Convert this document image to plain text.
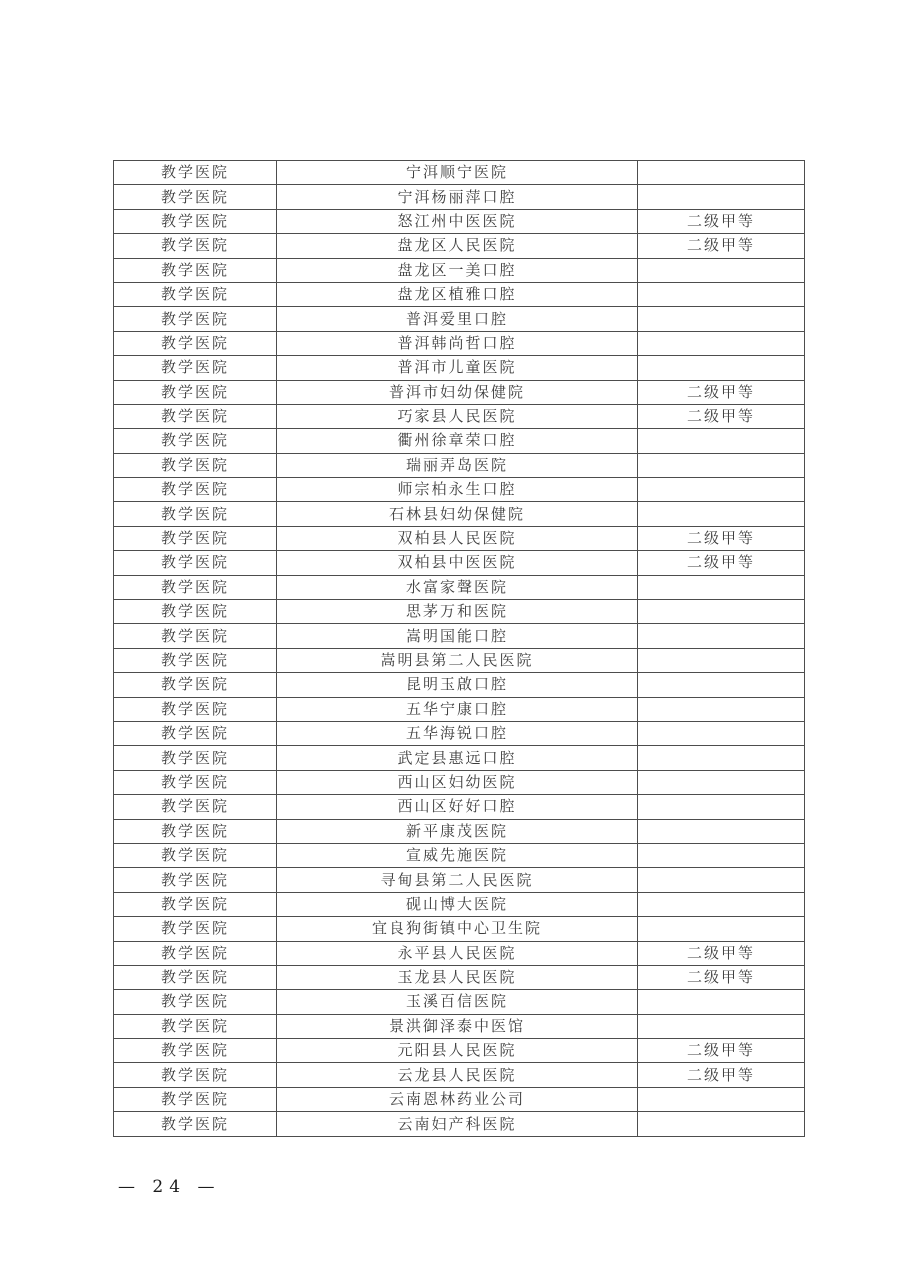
教学医院	宁洱顺宁医院	
教学医院	宁洱杨丽萍口腔	
教学医院	怒江州中医医院	二级甲等
教学医院	盘龙区人民医院	二级甲等
教学医院	盘龙区一美口腔	
教学医院	盘龙区植雅口腔	
教学医院	普洱爱里口腔	
教学医院	普洱韩尚哲口腔	
教学医院	普洱市儿童医院	
教学医院	普洱市妇幼保健院	二级甲等
教学医院	巧家县人民医院	二级甲等
教学医院	衢州徐章荣口腔	
教学医院	瑞丽弄岛医院	
教学医院	师宗柏永生口腔	
教学医院	石林县妇幼保健院	
教学医院	双柏县人民医院	二级甲等
教学医院	双柏县中医医院	二级甲等
教学医院	水富家聲医院	
教学医院	思茅万和医院	
教学医院	嵩明国能口腔	
教学医院	嵩明县第二人民医院	
教学医院	昆明玉啟口腔	
教学医院	五华宁康口腔	
教学医院	五华海锐口腔	
教学医院	武定县惠远口腔	
教学医院	西山区妇幼医院	
教学医院	西山区好好口腔	
教学医院	新平康茂医院	
教学医院	宣威先施医院	
教学医院	寻甸县第二人民医院	
教学医院	砚山博大医院	
教学医院	宜良狗街镇中心卫生院	
教学医院	永平县人民医院	二级甲等
教学医院	玉龙县人民医院	二级甲等
教学医院	玉溪百信医院	
教学医院	景洪御泽泰中医馆	
教学医院	元阳县人民医院	二级甲等
教学医院	云龙县人民医院	二级甲等
教学医院	云南恩林药业公司	
教学医院	云南妇产科医院	
— 24 —
